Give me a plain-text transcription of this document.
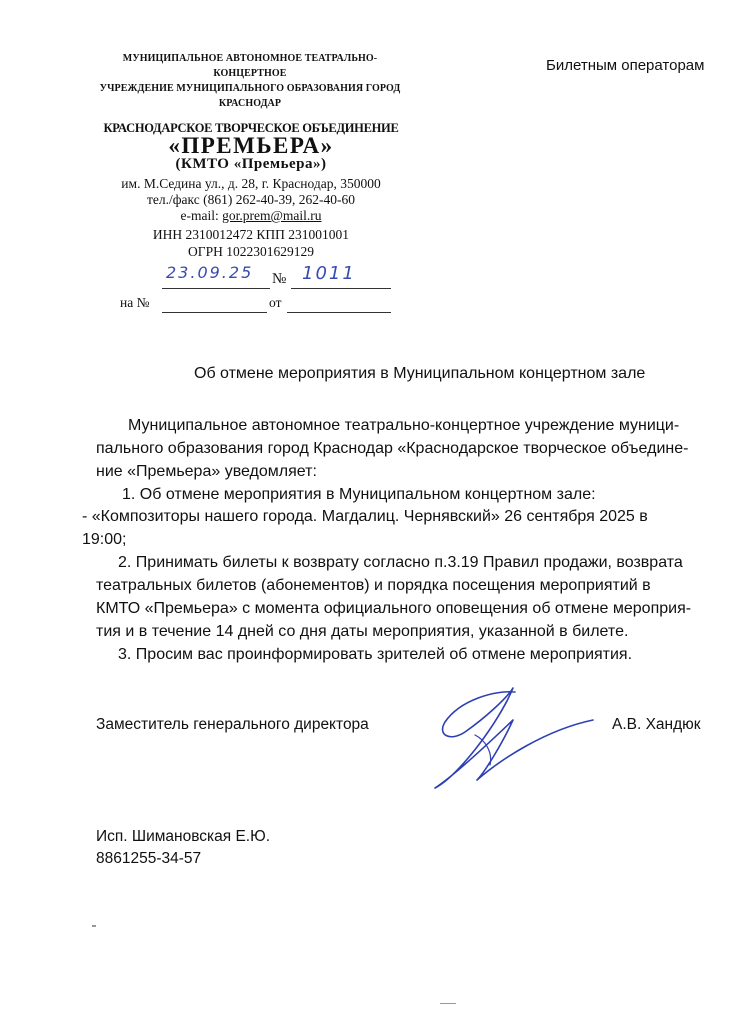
МУНИЦИПАЛЬНОЕ АВТОНОМНОЕ ТЕАТРАЛЬНО-
КОНЦЕРТНОЕ
УЧРЕЖДЕНИЕ МУНИЦИПАЛЬНОГО ОБРАЗОВАНИЯ ГОРОД
КРАСНОДАР
КРАСНОДАРСКОЕ ТВОРЧЕСКОЕ ОБЪЕДИНЕНИЕ
«ПРЕМЬЕРА»
(КМТО «Премьера»)
им. М.Седина ул., д. 28, г. Краснодар, 350000
тел./факс (861) 262-40-39, 262-40-60
e-mail: gor.prem@mail.ru
ИНН 2310012472 КПП 231001001
ОГРН 1022301629129
Билетным операторам
23.09.25 № 1011
на №	от
Об отмене мероприятия в Муниципальном концертном зале
Муниципальное автономное театрально-концертное учреждение муници-
пального образования город Краснодар «Краснодарское творческое объедине-
ние «Премьера» уведомляет:
1. Об отмене мероприятия в Муниципальном концертном зале:
- «Композиторы нашего города. Магдалиц. Чернявский» 26 сентября 2025 в
19:00;
2. Принимать билеты к возврату согласно п.3.19 Правил продажи, возврата
театральных билетов (абонементов) и порядка посещения мероприятий в
КМТО «Премьера» с момента официального оповещения об отмене мероприя-
тия и в течение 14 дней со дня даты мероприятия, указанной в билете.
3. Просим вас проинформировать зрителей об отмене мероприятия.
Заместитель генерального директора	А.В. Хандюк
Исп. Шимановская Е.Ю.
8861255-34-57
